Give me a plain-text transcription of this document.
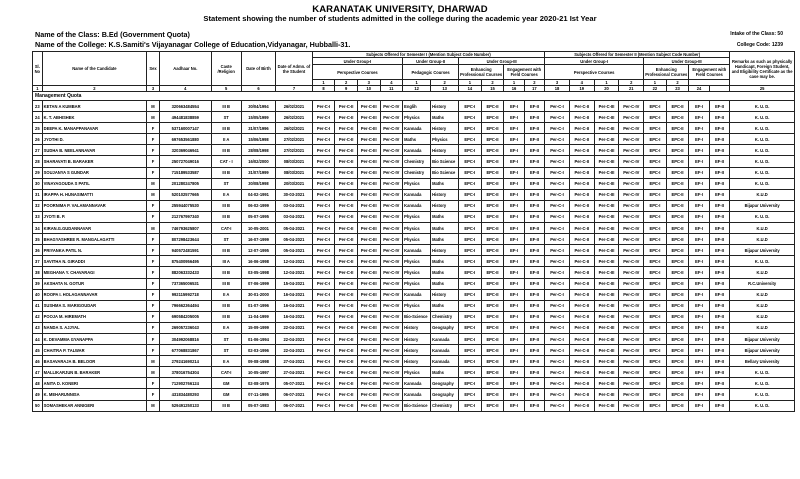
KARANATAK UNIVERSITY, DHARWAD
Statement showing the number of students admitted in the college during the academic year 2020-21 Ist Year
Name of the Class: B.Ed (Government Quota)	Intake of the Class: 50
Name of the College: K.S.Samiti's Vijayanagar College of Education,Vidyanagar, Hubballi-31.	College Code: 1239
Sl. No	Name of the Candidate	Sex	Aadhaar No.	Caste /Religion	Date of Birth	Date of Admn. of the Student	Subjects Offered for Semester I (Mention Subject Code Number)										Subjects Offered for Semester II (Mention Subject Code Number)								Remarks as such as physically Handicapt, Foreign Student, and Eligibility Certificate as the case may be.
							Under Group-I				Under Group-II		Under Group-III				Under Group-I				Under Group-III				
							Perspective Courses				Pedagogic Courses		Enhancing Professional Courses		Engagement with Field Courses		Perspective Courses				Enhancing Professional Courses		Engagement with Field Courses		
							1	2	3	4	1	2	1	2	1	2	3	4	1	2	1	2			
1	2	3	4	5	6	7	8	9	10	11	12	13	14	15	16	17	18	19	20	21	22	23	24		25
Management Quota																									
23	KETAN A KUMBAR	M	320663484554	III B	30/04/1994	26/02/2021	Per-C-I	Per-C-II	Per-C-III	Per-C-IV	Englih	History	EPC-I	EPC-II	EF-I	EF-II	Per-C-I	Per-C-II	Per-C-III	Per-C-IV	EPC-I	EPC-II	EF-I	EF-II	K. U. D.
24	K. T. ABHISHEK	M	494481838859	ST	15/05/1999	26/02/2021	Per-C-I	Per-C-II	Per-C-III	Per-C-IV	Physics	Maths	EPC-I	EPC-II	EF-I	EF-II	Per-C-I	Per-C-II	Per-C-III	Per-C-IV	EPC-I	EPC-II	EF-I	EF-II	K. U. D.
25	DEEPA K. MANAPPANAVAR	F	537160007147	III B	31/07/1996	26/02/2021	Per-C-I	Per-C-II	Per-C-III	Per-C-IV	Kannada	History	EPC-I	EPC-II	EF-I	EF-II	Per-C-I	Per-C-II	Per-C-III	Per-C-IV	EPC-I	EPC-II	EF-I	EF-II	K. U. D.
26	JYOTHI D.	F	697653561880	II A	15/06/1998	27/02/2021	Per-C-I	Per-C-II	Per-C-III	Per-C-IV	Maths	Physics	EPC-I	EPC-II	EF-I	EF-II	Per-C-I	Per-C-II	Per-C-III	Per-C-IV	EPC-I	EPC-II	EF-I	EF-II	K. U. D.
27	SUDHA B. NEELANNAVAR	F	320369046941	III B	28/08/1998	27/02/2021	Per-C-I	Per-C-II	Per-C-III	Per-C-IV	Kannada	History	EPC-I	EPC-II	EF-I	EF-II	Per-C-I	Per-C-II	Per-C-III	Per-C-IV	EPC-I	EPC-II	EF-I	EF-II	K. U. D.
28	SHARAVATI B. BARAKER	F	250727049016	CAT - I	16/02/2000	08/03/2021	Per-C-I	Per-C-II	Per-C-III	Per-C-IV	Chemistry	Bio Science	EPC-I	EPC-II	EF-I	EF-II	Per-C-I	Per-C-II	Per-C-III	Per-C-IV	EPC-I	EPC-II	EF-I	EF-II	K. U. D.
29	SOUJANYA S GUNDAR	F	715189533587	III B	31/07/1999	08/03/2021	Per-C-I	Per-C-II	Per-C-III	Per-C-IV	Chemistry	Bio Science	EPC-I	EPC-II	EF-I	EF-II	Per-C-I	Per-C-II	Per-C-III	Per-C-IV	EPC-I	EPC-II	EF-I	EF-II	K. U. D.
30	VINAYAGOUDA S PATIL	M	201280247805	ST	30/08/1998	20/03/2021	Per-C-I	Per-C-II	Per-C-III	Per-C-IV	Physics	Maths	EPC-I	EPC-II	EF-I	EF-II	Per-C-I	Per-C-II	Per-C-III	Per-C-IV	EPC-I	EPC-II	EF-I	EF-II	K. U. D.
31	IRAPPA H. HUNASIMATTI	M	520102577665	II A	04-02-1991	30-03-2021	Per-C-I	Per-C-II	Per-C-III	Per-C-IV	Kannada	History	EPC-I	EPC-II	EF-I	EF-II	Per-C-I	Per-C-II	Per-C-III	Per-C-IV	EPC-I	EPC-II	EF-I	EF-II	K.U.D
32	POORNIMA P. VALAMANNAVAR	F	255944075530	III B	06-02-1999	03-04-2021	Per-C-I	Per-C-II	Per-C-III	Per-C-IV	Kannada	History	EPC-I	EPC-II	EF-I	EF-II	Per-C-I	Per-C-II	Per-C-III	Per-C-IV	EPC-I	EPC-II	EF-I	EF-II	Bijapur University
33	JYOTI B. P.	F	212767997340	III B	05-07-1995	03-04-2021	Per-C-I	Per-C-II	Per-C-III	Per-C-IV	Physics	Maths	EPC-I	EPC-II	EF-I	EF-II	Per-C-I	Per-C-II	Per-C-III	Per-C-IV	EPC-I	EPC-II	EF-I	EF-II	K. U. D.
34	KIRAN.G.GUDANNAVAR	M	746793625807	CAT-I	10-05-2001	05-04-2021	Per-C-I	Per-C-II	Per-C-III	Per-C-IV	Physics	Maths	EPC-I	EPC-II	EF-I	EF-II	Per-C-I	Per-C-II	Per-C-III	Per-C-IV	EPC-I	EPC-II	EF-I	EF-II	K.U.D
35	BHAGYASHREE R. MANGALAGATTI	F	807298423644	ST	16-07-1999	05-04-2021	Per-C-I	Per-C-II	Per-C-III	Per-C-IV	Physics	Maths	EPC-I	EPC-II	EF-I	EF-II	Per-C-I	Per-C-II	Per-C-III	Per-C-IV	EPC-I	EPC-II	EF-I	EF-II	K.U.D
36	PRIYANKA PATIL N.	F	940572481591	III B	12-07-1995	05-04-2021	Per-C-I	Per-C-II	Per-C-III	Per-C-IV	Kannada	History	EPC-I	EPC-II	EF-I	EF-II	Per-C-I	Per-C-II	Per-C-III	Per-C-IV	EPC-I	EPC-II	EF-I	EF-II	Bijapur University
37	SAVITHA N. GIRADDI	F	875400956495	III A	16-06-1998	12-04-2021	Per-C-I	Per-C-II	Per-C-III	Per-C-IV	Physics	Maths	EPC-I	EPC-II	EF-I	EF-II	Per-C-I	Per-C-II	Per-C-III	Per-C-IV	EPC-I	EPC-II	EF-I	EF-II	K. U. D.
38	MEGHANA Y. CHAVARAGI	F	882063332433	III B	03-05-1998	12-04-2021	Per-C-I	Per-C-II	Per-C-III	Per-C-IV	Physics	Maths	EPC-I	EPC-II	EF-I	EF-II	Per-C-I	Per-C-II	Per-C-III	Per-C-IV	EPC-I	EPC-II	EF-I	EF-II	K.U.D
39	AKSHATA N. GOTUR	F	737365006531	III B	07-06-1999	15-04-2021	Per-C-I	Per-C-II	Per-C-III	Per-C-IV	Physics	Maths	EPC-I	EPC-II	EF-I	EF-II	Per-C-I	Per-C-II	Per-C-III	Per-C-IV	EPC-I	EPC-II	EF-I	EF-II	R.C.University
40	ROOPA I. HOLAGANNAVAR	F	992115992718	II A	30-01-2000	16-04-2021	Per-C-I	Per-C-II	Per-C-III	Per-C-IV	Kannada	History	EPC-I	EPC-II	EF-I	EF-II	Per-C-I	Per-C-II	Per-C-III	Per-C-IV	EPC-I	EPC-II	EF-I	EF-II	K.U.D
41	SUSHMA S. MARIGOUDAR	F	796662364494	III B	01-07-1996	16-04-2021	Per-C-I	Per-C-II	Per-C-III	Per-C-IV	Physics	Maths	EPC-I	EPC-II	EF-I	EF-II	Per-C-I	Per-C-II	Per-C-III	Per-C-IV	EPC-I	EPC-II	EF-I	EF-II	K.U.D
42	POOJA M. HIREMATH	F	690584205005	III B	11-04-1999	16-04-2021	Per-C-I	Per-C-II	Per-C-III	Per-C-IV	Bio-Science	Chemistry	EPC-I	EPC-II	EF-I	EF-II	Per-C-I	Per-C-II	Per-C-III	Per-C-IV	EPC-I	EPC-II	EF-I	EF-II	K.U.D
43	NANDA S. AJJYAL	F	269057236043	II A	15-09-1999	22-04-2021	Per-C-I	Per-C-II	Per-C-III	Per-C-IV	History	Geography	EPC-I	EPC-II	EF-I	EF-II	Per-C-I	Per-C-II	Per-C-III	Per-C-IV	EPC-I	EPC-II	EF-I	EF-II	K.U.D
44	K. DEVAMMA GYANAPPA	F	304992068816	ST	01-06-1994	22-04-2021	Per-C-I	Per-C-II	Per-C-III	Per-C-IV	History	Kannada	EPC-I	EPC-II	EF-I	EF-II	Per-C-I	Per-C-II	Per-C-III	Per-C-IV	EPC-I	EPC-II	EF-I	EF-II	Bijapur University
45	CHAITRA P. TALWAR	F	677068831867	ST	02-03-1996	22-04-2021	Per-C-I	Per-C-II	Per-C-III	Per-C-IV	History	Kannada	EPC-I	EPC-II	EF-I	EF-II	Per-C-I	Per-C-II	Per-C-III	Per-C-IV	EPC-I	EPC-II	EF-I	EF-II	Bijapur University
46	BASAVARAJA B. BELOOR	M	279241690214	II A	09-08-1998	27-04-2021	Per-C-I	Per-C-II	Per-C-III	Per-C-IV	History	Kannada	EPC-I	EPC-II	EF-I	EF-II	Per-C-I	Per-C-II	Per-C-III	Per-C-IV	EPC-I	EPC-II	EF-I	EF-II	Bellary University
47	MALLIKARJUN B. BARAKER	M	378016754304	CAT-I	10-05-1997	27-04-2021	Per-C-I	Per-C-II	Per-C-III	Per-C-IV	Physics	Maths	EPC-I	EPC-II	EF-I	EF-II	Per-C-I	Per-C-II	Per-C-III	Per-C-IV	EPC-I	EPC-II	EF-I	EF-II	K. U. D.
48	ANITA D. KONERI	F	712902766124	GM	02-08-1976	05-07-2021	Per-C-I	Per-C-II	Per-C-III	Per-C-IV	Kannada	Geography	EPC-I	EPC-II	EF-I	EF-II	Per-C-I	Per-C-II	Per-C-III	Per-C-IV	EPC-I	EPC-II	EF-I	EF-II	K. U. D.
49	K. MEHARUNNISA	F	431834480293	GM	07-11-1995	06-07-2021	Per-C-I	Per-C-II	Per-C-III	Per-C-IV	Kannada	Geography	EPC-I	EPC-II	EF-I	EF-II	Per-C-I	Per-C-II	Per-C-III	Per-C-IV	EPC-I	EPC-II	EF-I	EF-II	K. U. D.
50	SOMASHEKAR ANNIGERI	M	529491250133	III B	05-07-1983	06-07-2021	Per-C-I	Per-C-II	Per-C-III	Per-C-IV	Bio-Science	Chemistry	EPC-I	EPC-II	EF-I	EF-II	Per-C-I	Per-C-II	Per-C-III	Per-C-IV	EPC-I	EPC-II	EF-I	EF-II	K. U. D.
